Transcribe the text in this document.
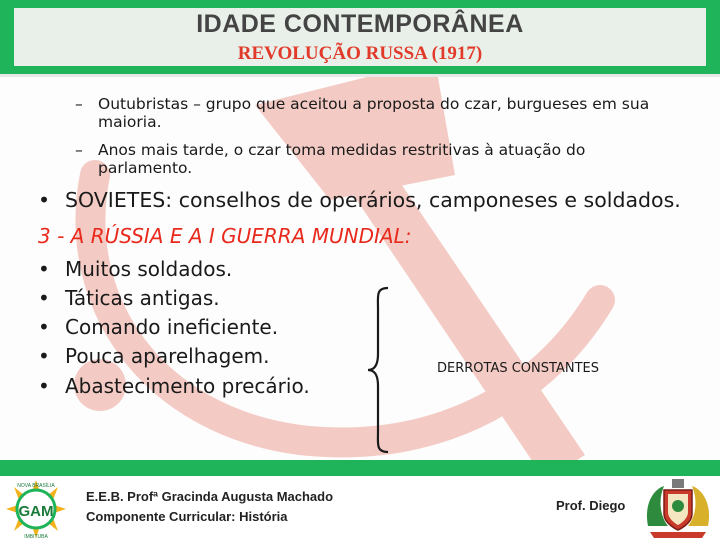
IDADE CONTEMPORÂNEA
REVOLUÇÃO RUSSA (1917)
– Outubristas – grupo que aceitou a proposta do czar, burgueses em sua maioria.
– Anos mais tarde, o czar toma medidas restritivas à atuação do parlamento.
• SOVIETES: conselhos de operários, camponeses e soldados.
3 - A RÚSSIA E A I GUERRA MUNDIAL:
• Muitos soldados.
• Táticas antigas.
• Comando ineficiente.
• Pouca aparelhagem.
• Abastecimento precário.
DERROTAS CONSTANTES
GAM
NOVA BRASÍLIA
IMBITUBA
E.E.B. Profª Gracinda Augusta Machado
Componente Curricular: História
Prof. Diego
